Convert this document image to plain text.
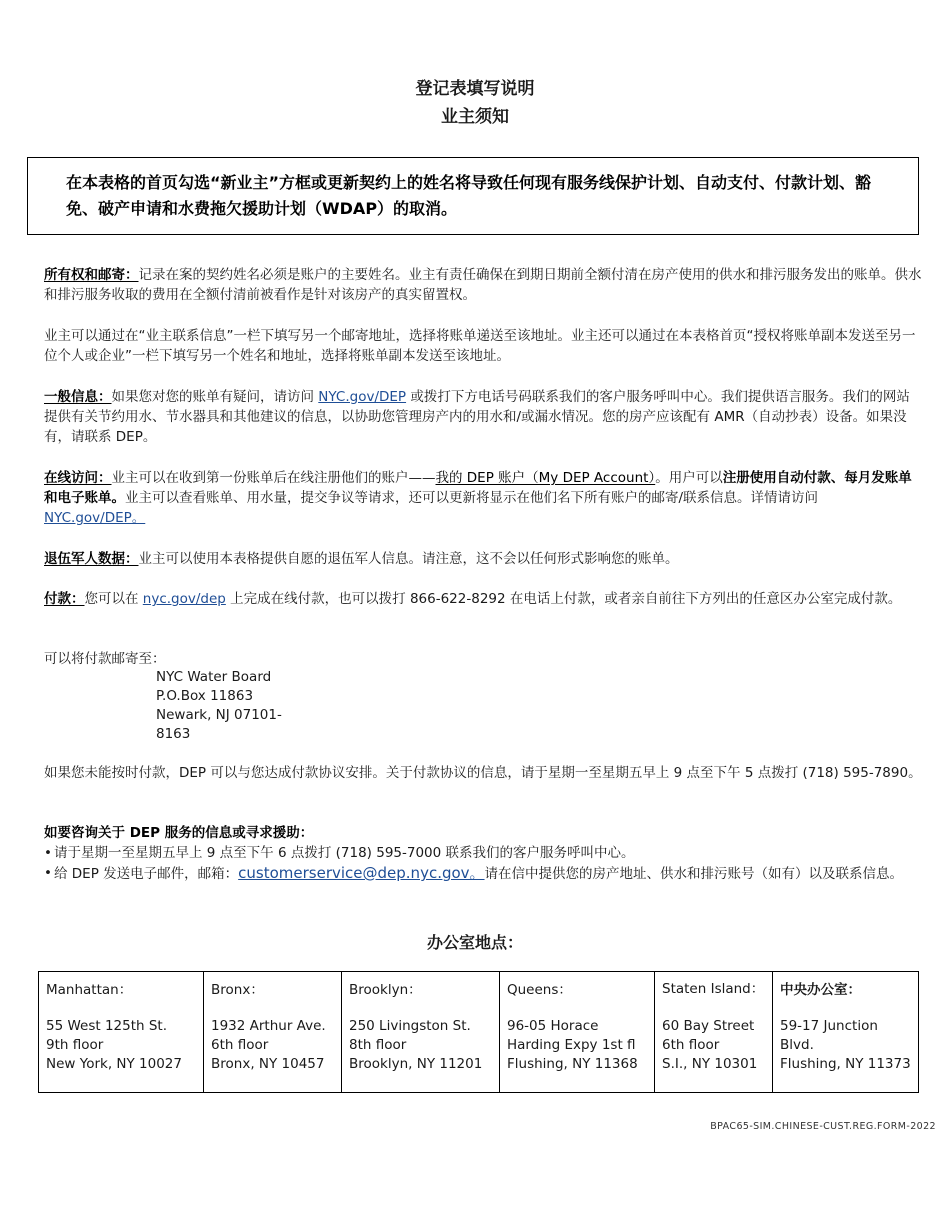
登记表填写说明
业主须知
在本表格的首页勾选“新业主”方框或更新契约上的姓名将导致任何现有服务线保护计划、自动支付、付款计划、豁免、破产申请和水费拖欠援助计划（WDAP）的取消。
所有权和邮寄：记录在案的契约姓名必须是账户的主要姓名。业主有责任确保在到期日期前全额付清在房产使用的供水和排污服务发出的账单。供水和排污服务收取的费用在全额付清前被看作是针对该房产的真实留置权。
业主可以通过在“业主联系信息”一栏下填写另一个邮寄地址，选择将账单递送至该地址。业主还可以通过在本表格首页“授权将账单副本发送至另一位个人或企业”一栏下填写另一个姓名和地址，选择将账单副本发送至该地址。
一般信息：如果您对您的账单有疑问，请访问 NYC.gov/DEP 或拨打下方电话号码联系我们的客户服务呼叫中心。我们提供语言服务。我们的网站提供有关节约用水、节水器具和其他建议的信息，以协助您管理房产内的用水和/或漏水情况。您的房产应该配有 AMR（自动抄表）设备。如果没有，请联系 DEP。
在线访问：业主可以在收到第一份账单后在线注册他们的账户——我的 DEP 账户（My DEP Account）。用户可以注册使用自动付款、每月发账单和电子账单。业主可以查看账单、用水量，提交争议等请求，还可以更新将显示在他们名下所有账户的邮寄/联系信息。详情请访问 NYC.gov/DEP。
退伍军人数据：业主可以使用本表格提供自愿的退伍军人信息。请注意，这不会以任何形式影响您的账单。
付款：您可以在 nyc.gov/dep 上完成在线付款，也可以拨打 866-622-8292 在电话上付款，或者亲自前往下方列出的任意区办公室完成付款。
可以将付款邮寄至：
NYC Water Board
P.O.Box 11863
Newark, NJ 07101-
8163
如果您未能按时付款，DEP 可以与您达成付款协议安排。关于付款协议的信息，请于星期一至星期五早上 9 点至下午 5 点拨打 (718) 595-7890。
如要咨询关于 DEP 服务的信息或寻求援助：
• 请于星期一至星期五早上 9 点至下午 6 点拨打 (718) 595-7000 联系我们的客户服务呼叫中心。
• 给 DEP 发送电子邮件，邮箱：customerservice@dep.nyc.gov。请在信中提供您的房产地址、供水和排污账号（如有）以及联系信息。
办公室地点：
Manhattan：
55 West 125th St.
9th floor
New York, NY 10027

Bronx：
1932 Arthur Ave.
6th floor
Bronx, NY 10457

Brooklyn：
250 Livingston St.
8th floor
Brooklyn, NY 11201

Queens：
96-05 Horace
Harding Expy 1st fl
Flushing, NY 11368

Staten Island：
60 Bay Street
6th floor
S.I., NY 10301

中央办公室：
59-17 Junction Blvd.
Flushing, NY 11373
BPAC65-SIM.CHINESE-CUST.REG.FORM-2022
